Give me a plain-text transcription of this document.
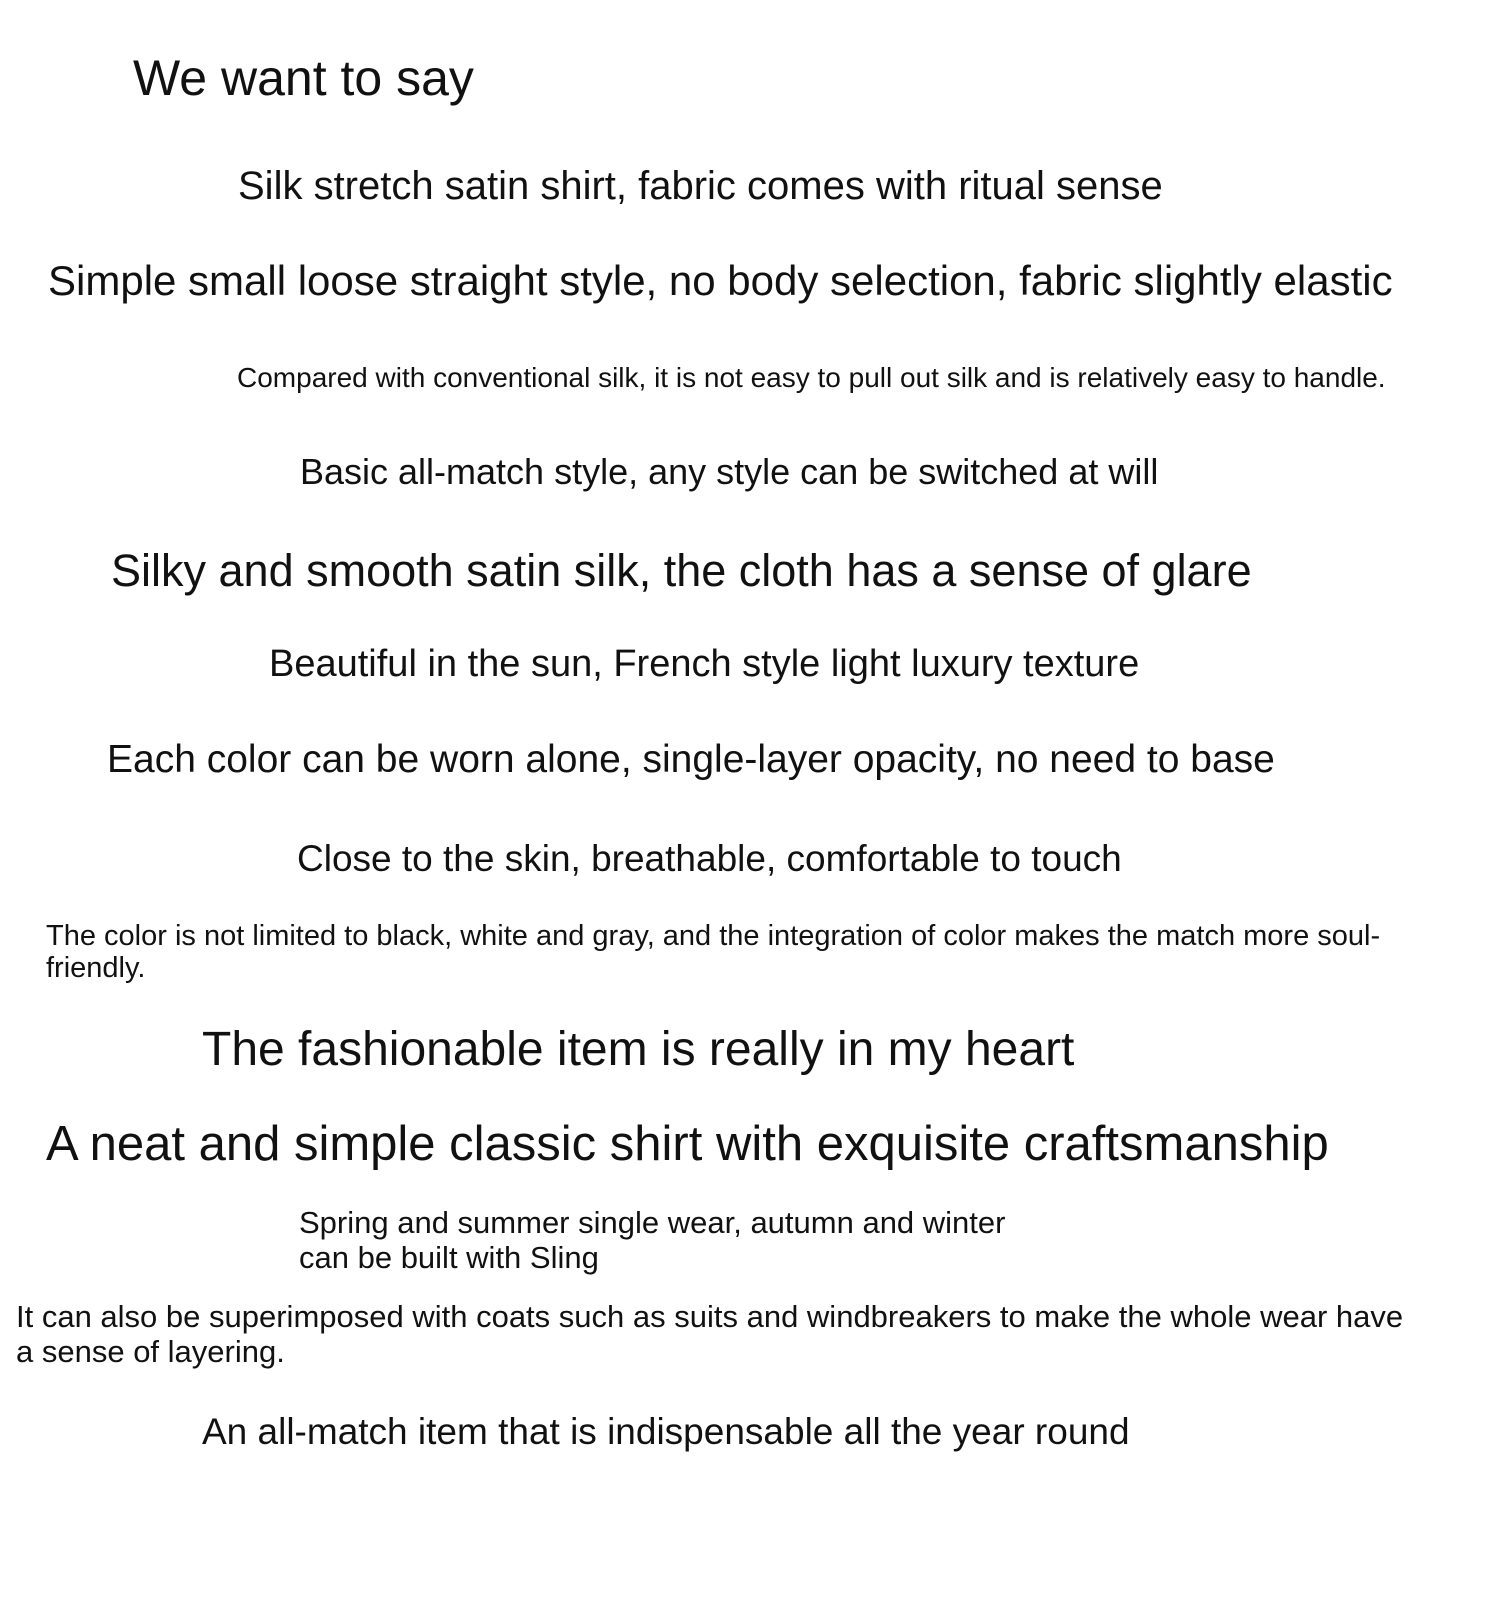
We want to say

Silk stretch satin shirt, fabric comes with ritual sense

Simple small loose straight style, no body selection, fabric slightly elastic

Compared with conventional silk, it is not easy to pull out silk and is relatively easy to handle.

Basic all-match style, any style can be switched at will

Silky and smooth satin silk, the cloth has a sense of glare

Beautiful in the sun, French style light luxury texture

Each color can be worn alone, single-layer opacity, no need to base

Close to the skin, breathable, comfortable to touch

The color is not limited to black, white and gray, and the integration of color makes the match more soul-friendly.

The fashionable item is really in my heart

A neat and simple classic shirt with exquisite craftsmanship

Spring and summer single wear, autumn and winter can be built with Sling

It can also be superimposed with coats such as suits and windbreakers to make the whole wear have a sense of layering.

An all-match item that is indispensable all the year round
